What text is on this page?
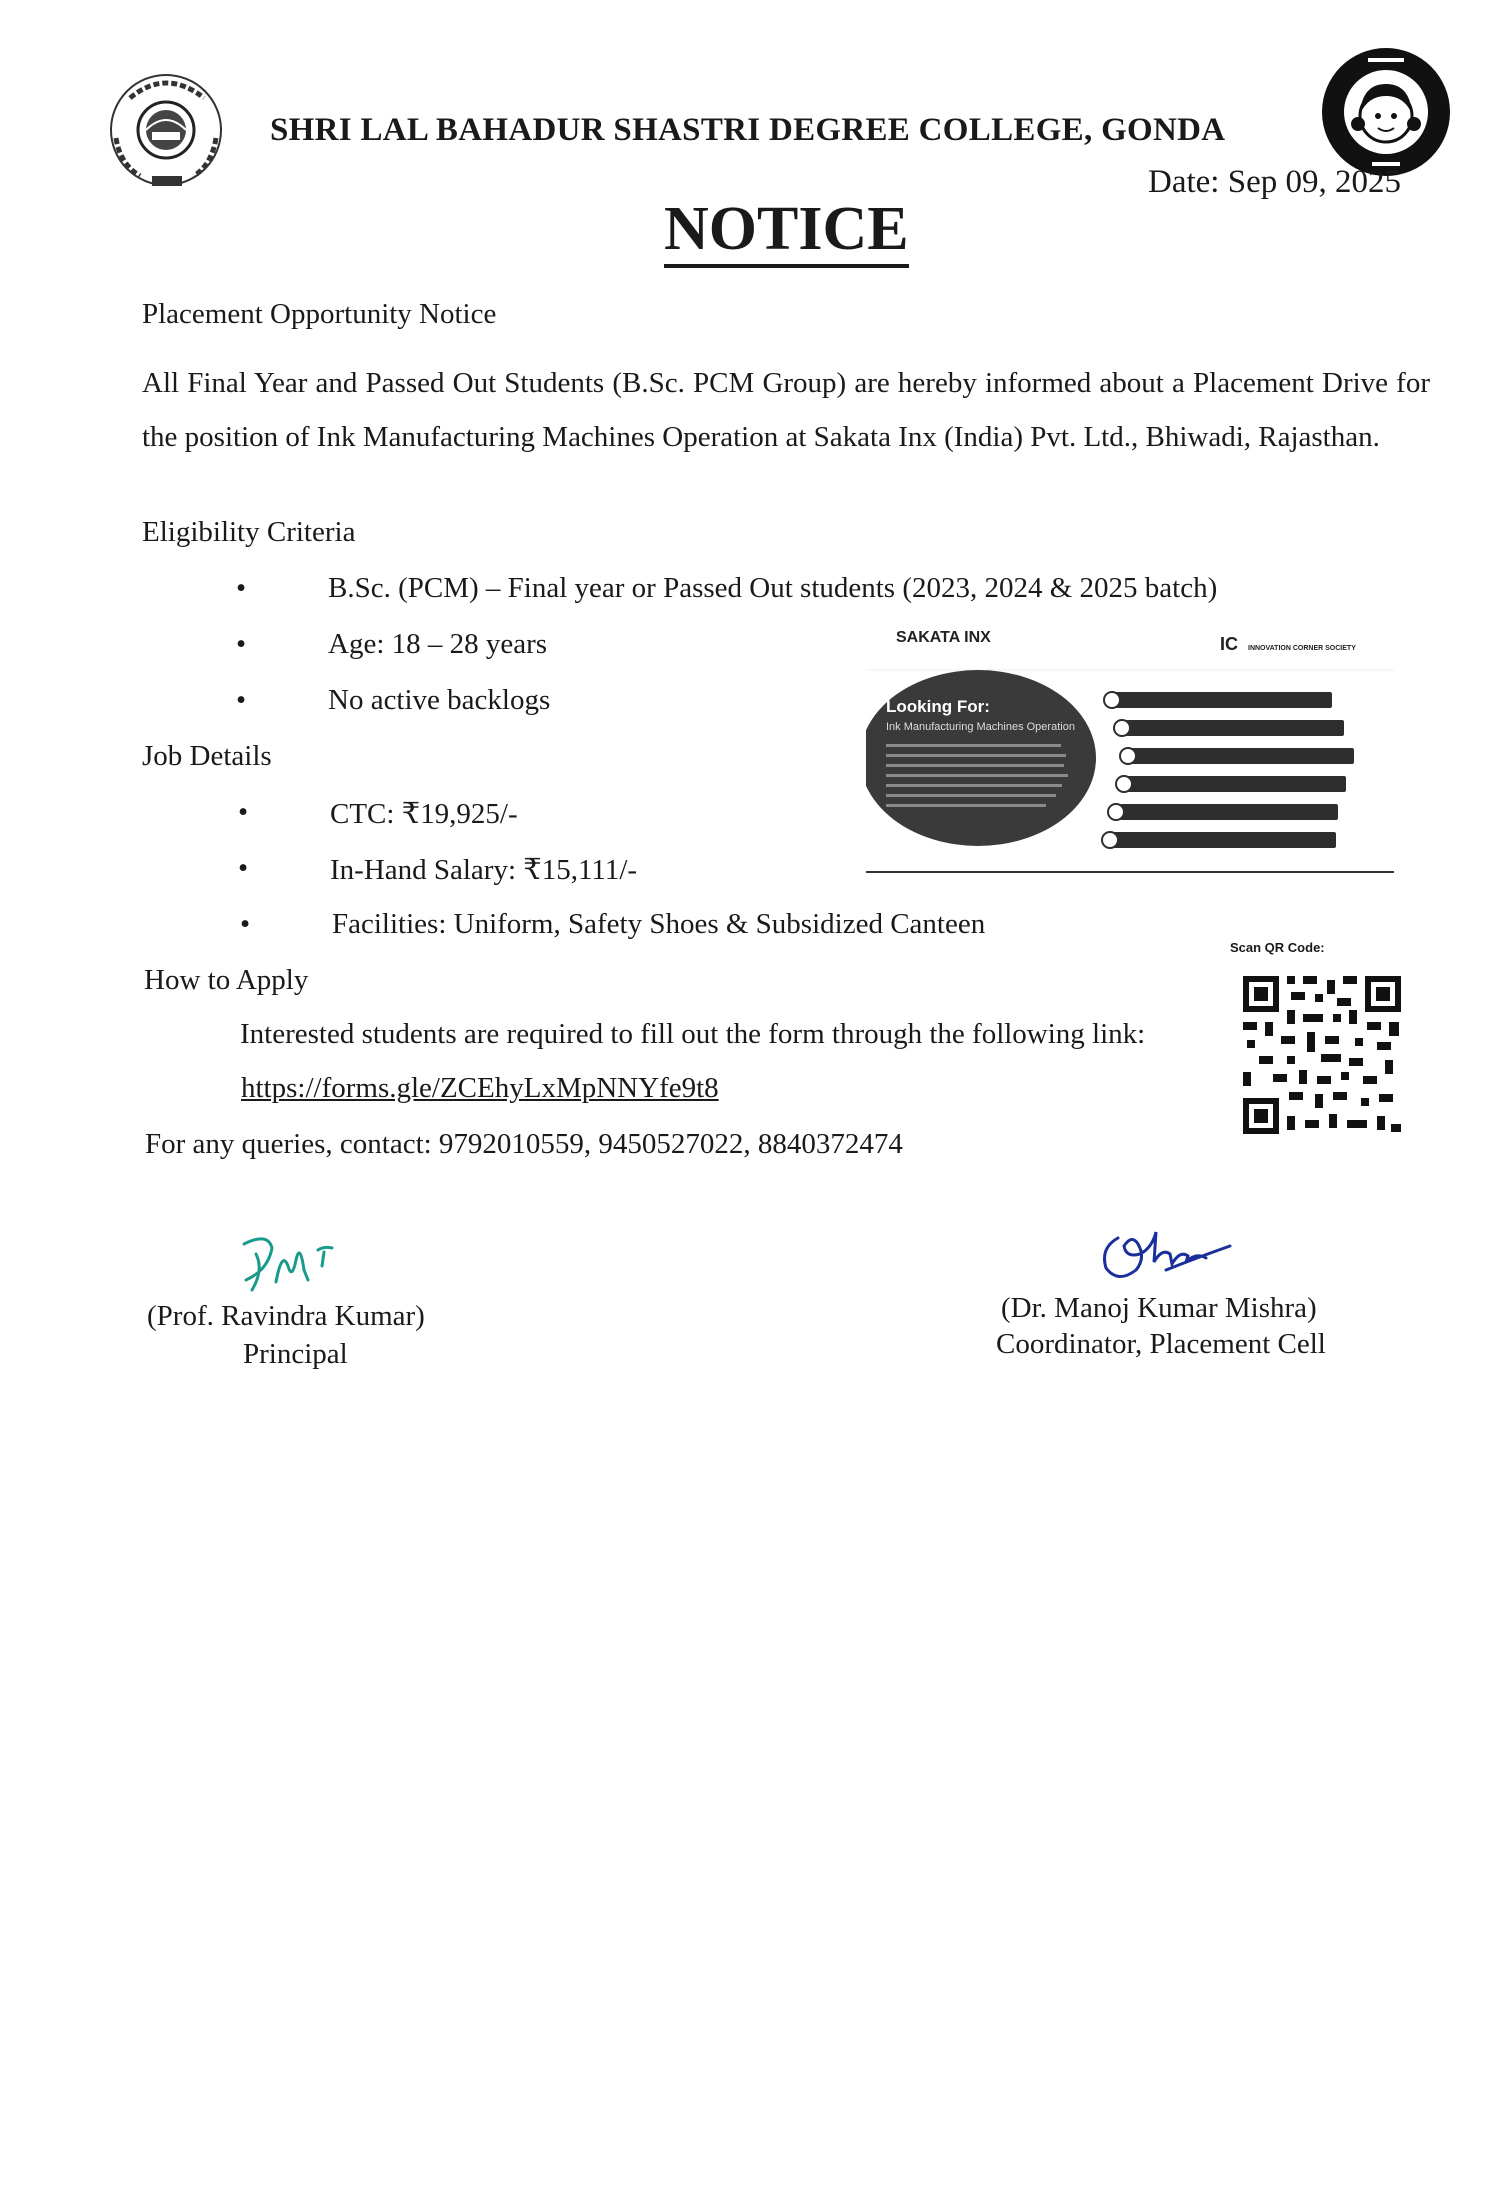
SHRI LAL BAHADUR SHASTRI DEGREE COLLEGE, GONDA
Date: Sep 09, 2025
NOTICE
Placement Opportunity Notice
All Final Year and Passed Out Students (B.Sc. PCM Group) are hereby informed about a Placement Drive for the position of Ink Manufacturing Machines Operation at Sakata Inx (India) Pvt. Ltd., Bhiwadi, Rajasthan.
Eligibility Criteria
•	B.Sc. (PCM) – Final year or Passed Out students (2023, 2024 & 2025 batch)
•	Age: 18 – 28 years
•	No active backlogs
Job Details
•	CTC: ₹19,925/-
•	In-Hand Salary: ₹15,111/-
•	Facilities: Uniform, Safety Shoes & Subsidized Canteen
SAKATA INX	IC INNOVATION CORNER SOCIETY
Looking For:
Ink Manufacturing Machines Operation
How to Apply
Interested students are required to fill out the form through the following link:
https://forms.gle/ZCEhyLxMpNNYfe9t8
For any queries, contact: 9792010559, 9450527022, 8840372474
Scan QR Code:
(Prof. Ravindra Kumar)
Principal
(Dr. Manoj Kumar Mishra)
Coordinator, Placement Cell
